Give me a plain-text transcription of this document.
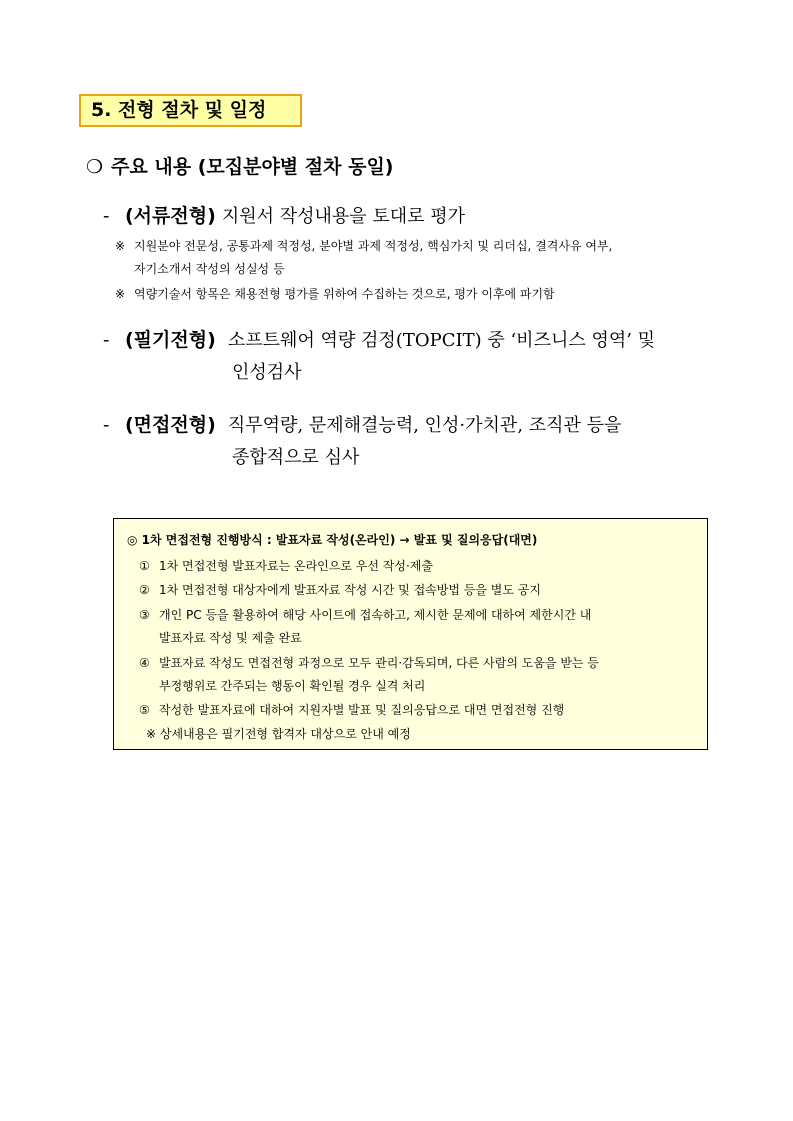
5. 전형 절차 및 일정
❍ 주요 내용 (모집분야별 절차 동일)
- (서류전형) 지원서 작성내용을 토대로 평가
※ 지원분야 전문성, 공통과제 적정성, 분야별 과제 적정성, 핵심가치 및 리더십, 결격사유 여부,
자기소개서 작성의 성실성 등
※ 역량기술서 항목은 채용전형 평가를 위하여 수집하는 것으로, 평가 이후에 파기함
- (필기전형) 소프트웨어 역량 검정(TOPCIT) 중 ‘비즈니스 영역’ 및
인성검사
- (면접전형) 직무역량, 문제해결능력, 인성·가치관, 조직관 등을
종합적으로 심사
◎ 1차 면접전형 진행방식 : 발표자료 작성(온라인) → 발표 및 질의응답(대면)
① 1차 면접전형 발표자료는 온라인으로 우선 작성·제출
② 1차 면접전형 대상자에게 발표자료 작성 시간 및 접속방법 등을 별도 공지
③ 개인 PC 등을 활용하여 해당 사이트에 접속하고, 제시한 문제에 대하여 제한시간 내
발표자료 작성 및 제출 완료
④ 발표자료 작성도 면접전형 과정으로 모두 관리·감독되며, 다른 사람의 도움을 받는 등
부정행위로 간주되는 행동이 확인될 경우 실격 처리
⑤ 작성한 발표자료에 대하여 지원자별 발표 및 질의응답으로 대면 면접전형 진행
※ 상세내용은 필기전형 합격자 대상으로 안내 예정
